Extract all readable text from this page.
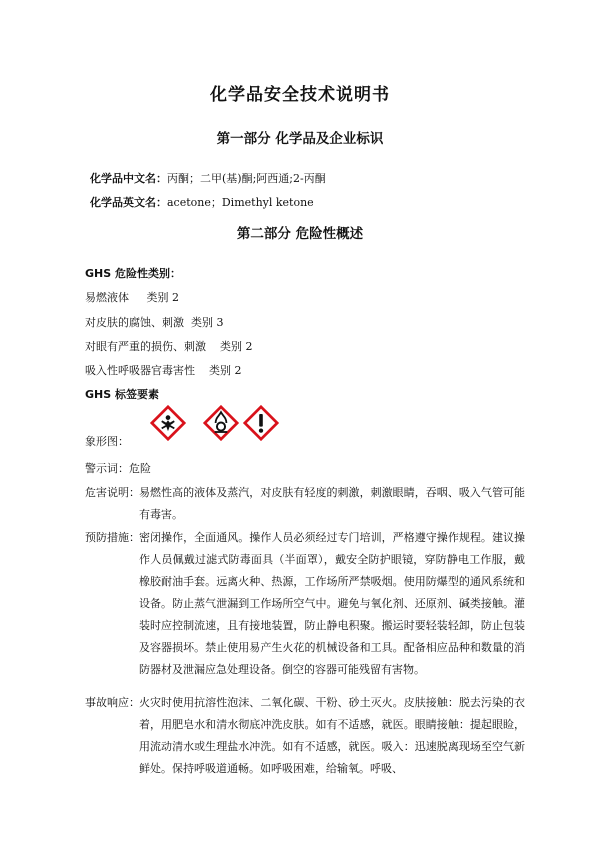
化学品安全技术说明书
第一部分 化学品及企业标识
化学品中文名：丙酮；二甲(基)酮;阿西通;2-丙酮
化学品英文名：acetone；Dimethyl ketone
第二部分 危险性概述
GHS 危险性类别：
易燃液体     类别 2
对皮肤的腐蚀、刺激  类别 3
对眼有严重的损伤、刺激    类别 2
吸入性呼吸器官毒害性    类别 2
GHS 标签要素
象形图：
警示词：危险
危害说明： 易燃性高的液体及蒸汽，对皮肤有轻度的刺激，刺激眼睛，吞咽、吸入气管可能有毒害。
预防措施： 密闭操作，全面通风。操作人员必须经过专门培训，严格遵守操作规程。建议操作人员佩戴过滤式防毒面具（半面罩），戴安全防护眼镜，穿防静电工作服，戴橡胶耐油手套。远离火种、热源，工作场所严禁吸烟。使用防爆型的通风系统和设备。防止蒸气泄漏到工作场所空气中。避免与氧化剂、还原剂、碱类接触。灌装时应控制流速，且有接地装置，防止静电积聚。搬运时要轻装轻卸，防止包装及容器损坏。禁止使用易产生火花的机械设备和工具。配备相应品种和数量的消防器材及泄漏应急处理设备。倒空的容器可能残留有害物。
事故响应： 火灾时使用抗溶性泡沫、二氧化碳、干粉、砂土灭火。皮肤接触：脱去污染的衣着，用肥皂水和清水彻底冲洗皮肤。如有不适感，就医。眼睛接触：提起眼睑，用流动清水或生理盐水冲洗。如有不适感，就医。吸入：迅速脱离现场至空气新鲜处。保持呼吸道通畅。如呼吸困难，给输氧。呼吸、
